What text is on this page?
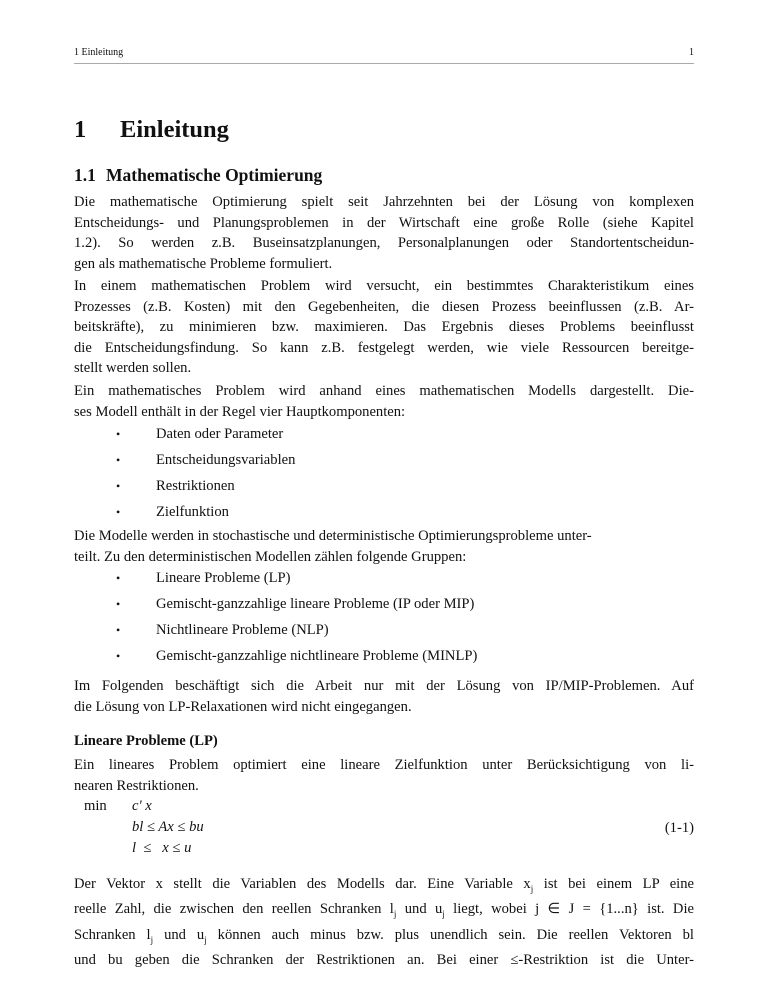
1 Einleitung	1
1 Einleitung
1.1 Mathematische Optimierung
Die mathematische Optimierung spielt seit Jahrzehnten bei der Lösung von komplexen
Entscheidungs- und Planungsproblemen in der Wirtschaft eine große Rolle (siehe Kapitel
1.2). So werden z.B. Buseinsatzplanungen, Personalplanungen oder Standortentscheidun-
gen als mathematische Probleme formuliert.
In einem mathematischen Problem wird versucht, ein bestimmtes Charakteristikum eines
Prozesses (z.B. Kosten) mit den Gegebenheiten, die diesen Prozess beeinflussen (z.B. Ar-
beitskräfte), zu minimieren bzw. maximieren. Das Ergebnis dieses Problems beeinflusst
die Entscheidungsfindung. So kann z.B. festgelegt werden, wie viele Ressourcen bereitge-
stellt werden sollen.
Ein mathematisches Problem wird anhand eines mathematischen Modells dargestellt. Die-
ses Modell enthält in der Regel vier Hauptkomponenten:
• Daten oder Parameter
• Entscheidungsvariablen
• Restriktionen
• Zielfunktion
Die Modelle werden in stochastische und deterministische Optimierungsprobleme unter-
teilt. Zu den deterministischen Modellen zählen folgende Gruppen:
• Lineare Probleme (LP)
• Gemischt-ganzzahlige lineare Probleme (IP oder MIP)
• Nichtlineare Probleme (NLP)
• Gemischt-ganzzahlige nichtlineare Probleme (MINLP)
Im Folgenden beschäftigt sich die Arbeit nur mit der Lösung von IP/MIP-Problemen. Auf
die Lösung von LP-Relaxationen wird nicht eingegangen.
Lineare Probleme (LP)
Ein lineares Problem optimiert eine lineare Zielfunktion unter Berücksichtigung von li-
nearen Restriktionen.
min c' x
bl ≤ Ax ≤ bu
l  ≤   x ≤ u
(1-1)
Der Vektor x stellt die Variablen des Modells dar. Eine Variable $x_j$ ist bei einem LP eine
reelle Zahl, die zwischen den reellen Schranken $l_j$ und $u_j$ liegt, wobei j ∈ J = {1...n} ist. Die
Schranken $l_j$ und $u_j$ können auch minus bzw. plus unendlich sein. Die reellen Vektoren bl
und bu geben die Schranken der Restriktionen an. Bei einer ≤-Restriktion ist die Unter-
